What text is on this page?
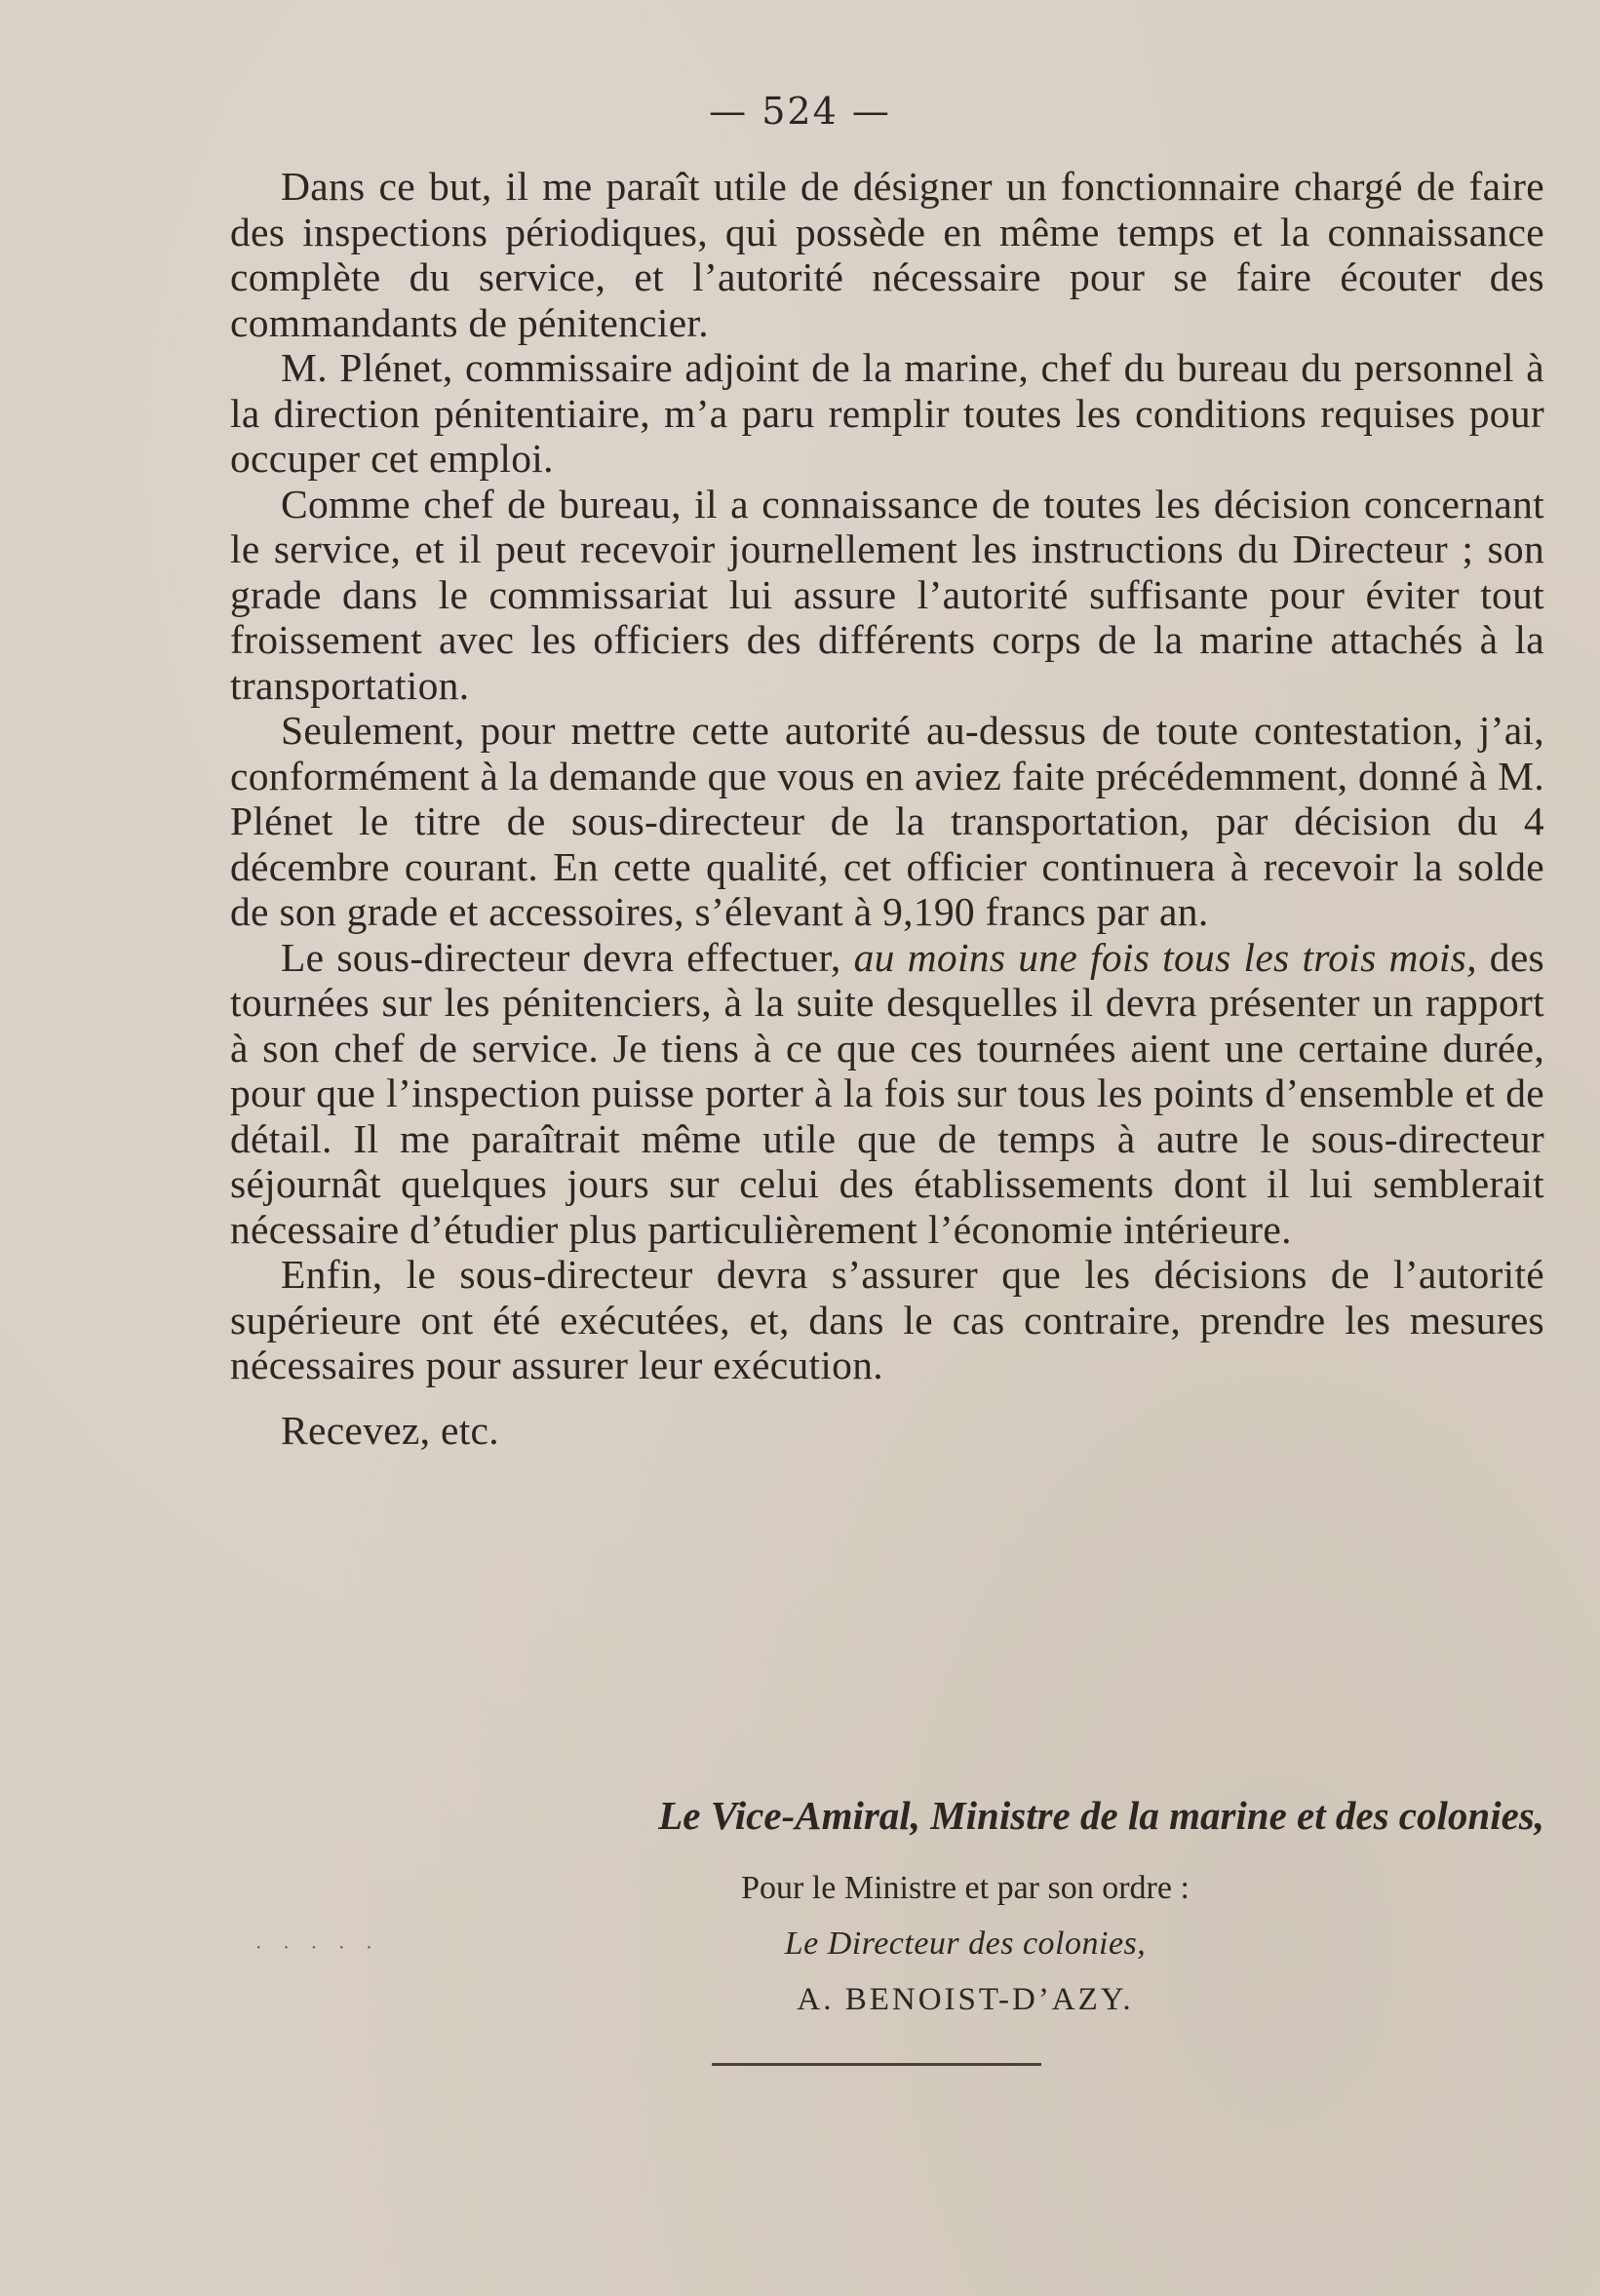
— 524 —

Dans ce but, il me paraît utile de désigner un fonctionnaire chargé de faire des inspections périodiques, qui possède en même temps et la connaissance complète du service, et l’autorité nécessaire pour se faire écouter des commandants de pénitencier.

M. Plénet, commissaire adjoint de la marine, chef du bureau du personnel à la direction pénitentiaire, m’a paru remplir toutes les conditions requises pour occuper cet emploi.

Comme chef de bureau, il a connaissance de toutes les décision concernant le service, et il peut recevoir journellement les instructions du Directeur ; son grade dans le commissariat lui assure l’autorité suffisante pour éviter tout froissement avec les officiers des différents corps de la marine attachés à la transportation.

Seulement, pour mettre cette autorité au-dessus de toute contestation, j’ai, conformément à la demande que vous en aviez faite précédemment, donné à M. Plénet le titre de sous-directeur de la transportation, par décision du 4 décembre courant. En cette qualité, cet officier continuera à recevoir la solde de son grade et accessoires, s’élevant à 9,190 francs par an.

Le sous-directeur devra effectuer, au moins une fois tous les trois mois, des tournées sur les pénitenciers, à la suite desquelles il devra présenter un rapport à son chef de service. Je tiens à ce que ces tournées aient une certaine durée, pour que l’inspection puisse porter à la fois sur tous les points d’ensemble et de détail. Il me paraîtrait même utile que de temps à autre le sous-directeur séjournât quelques jours sur celui des établissements dont il lui semblerait nécessaire d’étudier plus particulièrement l’économie intérieure.

Enfin, le sous-directeur devra s’assurer que les décisions de l’autorité supérieure ont été exécutées, et, dans le cas contraire, prendre les mesures nécessaires pour assurer leur exécution.

Recevez, etc.

Le Vice-Amiral, Ministre de la marine et des colonies,
Pour le Ministre et par son ordre :
·····	Le Directeur des colonies,
A. BENOIST-D’AZY.
